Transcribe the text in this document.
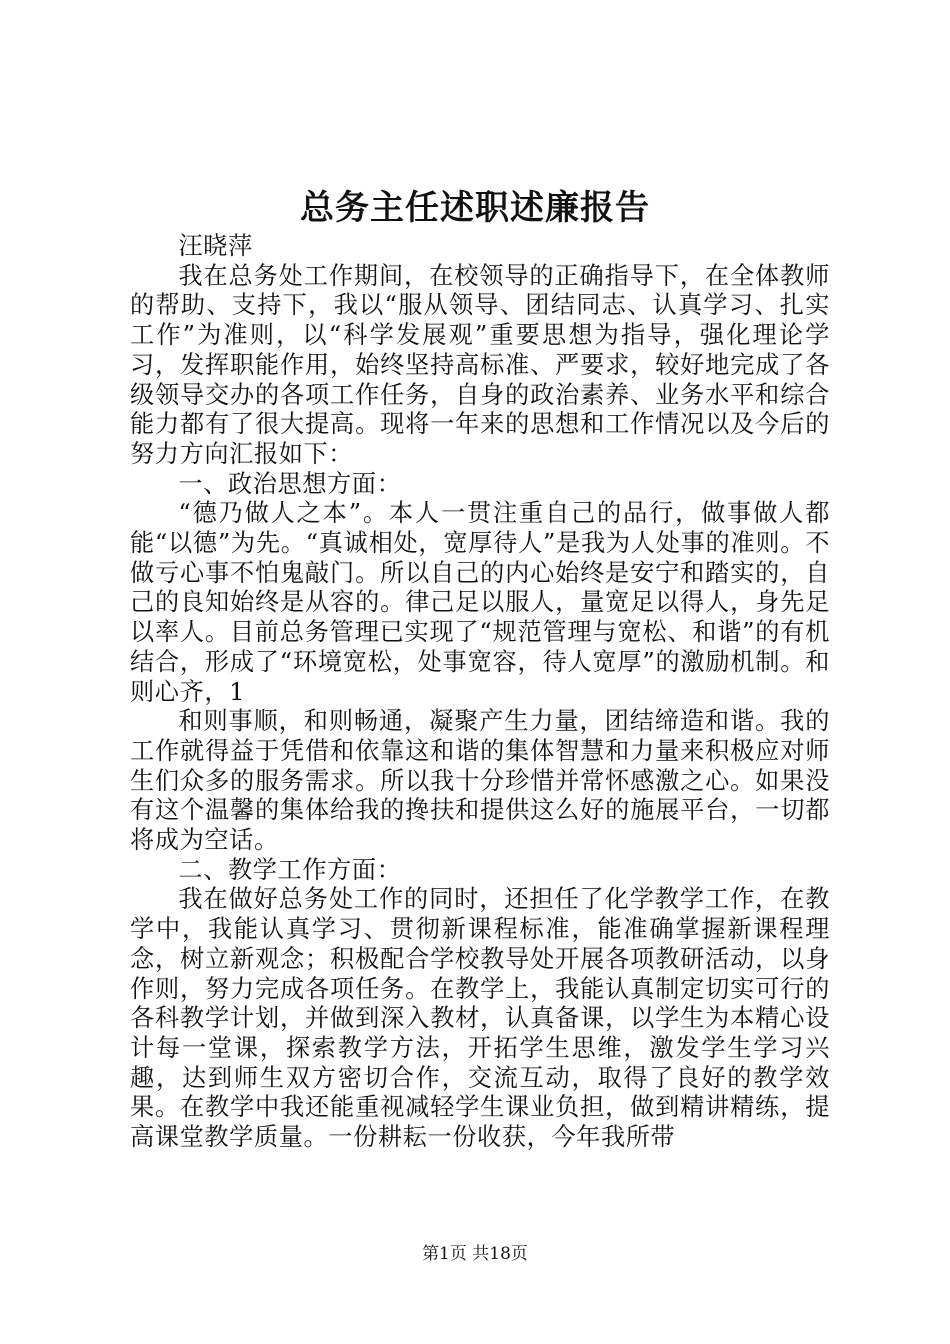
总务主任述职述廉报告

汪晓萍

我在总务处工作期间，在校领导的正确指导下，在全体教师的帮助、支持下，我以“服从领导、团结同志、认真学习、扎实工作”为准则，以“科学发展观”重要思想为指导，强化理论学习，发挥职能作用，始终坚持高标准、严要求，较好地完成了各级领导交办的各项工作任务，自身的政治素养、业务水平和综合能力都有了很大提高。现将一年来的思想和工作情况以及今后的努力方向汇报如下：

一、政治思想方面：

“德乃做人之本”。本人一贯注重自己的品行，做事做人都能“以德”为先。“真诚相处，宽厚待人”是我为人处事的准则。不做亏心事不怕鬼敲门。所以自己的内心始终是安宁和踏实的，自己的良知始终是从容的。律己足以服人，量宽足以得人，身先足以率人。目前总务管理已实现了“规范管理与宽松、和谐”的有机结合，形成了“环境宽松，处事宽容，待人宽厚”的激励机制。和则心齐，1

和则事顺，和则畅通，凝聚产生力量，团结缔造和谐。我的工作就得益于凭借和依靠这和谐的集体智慧和力量来积极应对师生们众多的服务需求。所以我十分珍惜并常怀感激之心。如果没有这个温馨的集体给我的搀扶和提供这么好的施展平台，一切都将成为空话。

二、教学工作方面：

我在做好总务处工作的同时，还担任了化学教学工作，在教学中，我能认真学习、贯彻新课程标准，能准确掌握新课程理念，树立新观念；积极配合学校教导处开展各项教研活动，以身作则，努力完成各项任务。在教学上，我能认真制定切实可行的各科教学计划，并做到深入教材，认真备课，以学生为本精心设计每一堂课，探索教学方法，开拓学生思维，激发学生学习兴趣，达到师生双方密切合作，交流互动，取得了良好的教学效果。在教学中我还能重视减轻学生课业负担，做到精讲精练，提高课堂教学质量。一份耕耘一份收获，今年我所带

第1页 共18页
